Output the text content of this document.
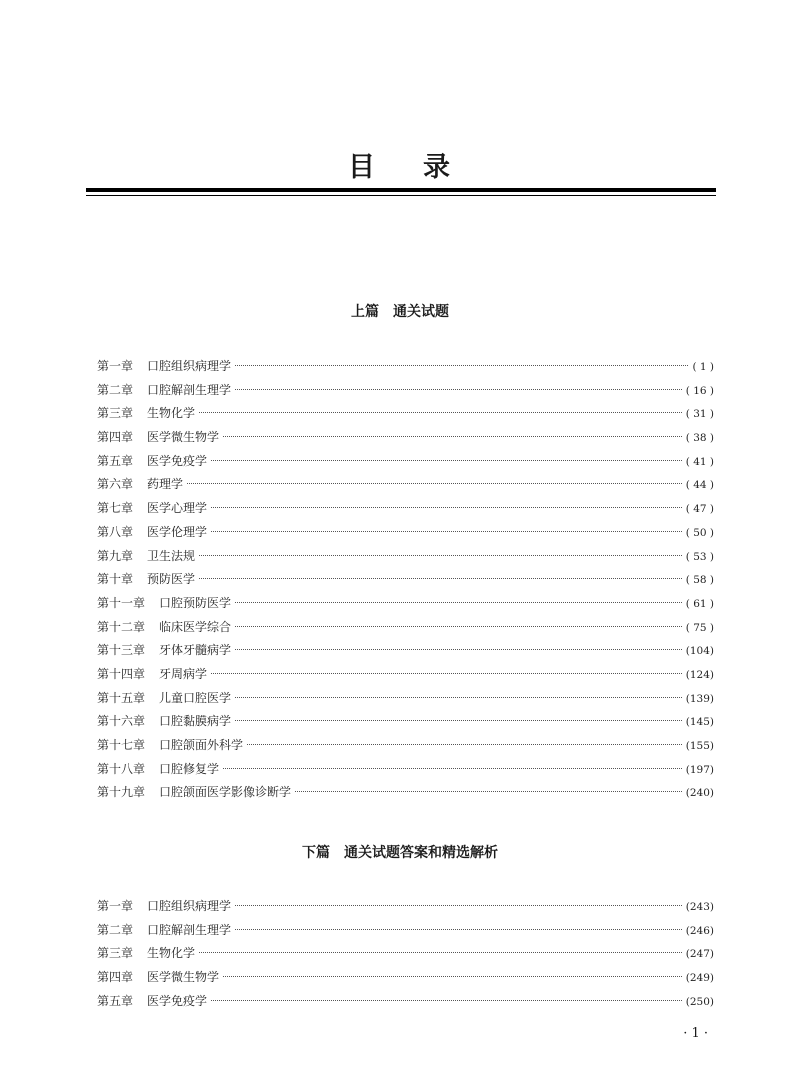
目 录
上篇 通关试题
第一章 口腔组织病理学	( 1 )
第二章 口腔解剖生理学	( 16 )
第三章 生物化学	( 31 )
第四章 医学微生物学	( 38 )
第五章 医学免疫学	( 41 )
第六章 药理学	( 44 )
第七章 医学心理学	( 47 )
第八章 医学伦理学	( 50 )
第九章 卫生法规	( 53 )
第十章 预防医学	( 58 )
第十一章 口腔预防医学	( 61 )
第十二章 临床医学综合	( 75 )
第十三章 牙体牙髓病学	(104)
第十四章 牙周病学	(124)
第十五章 儿童口腔医学	(139)
第十六章 口腔黏膜病学	(145)
第十七章 口腔颌面外科学	(155)
第十八章 口腔修复学	(197)
第十九章 口腔颌面医学影像诊断学	(240)
下篇 通关试题答案和精选解析
第一章 口腔组织病理学	(243)
第二章 口腔解剖生理学	(246)
第三章 生物化学	(247)
第四章 医学微生物学	(249)
第五章 医学免疫学	(250)

· 1 ·
